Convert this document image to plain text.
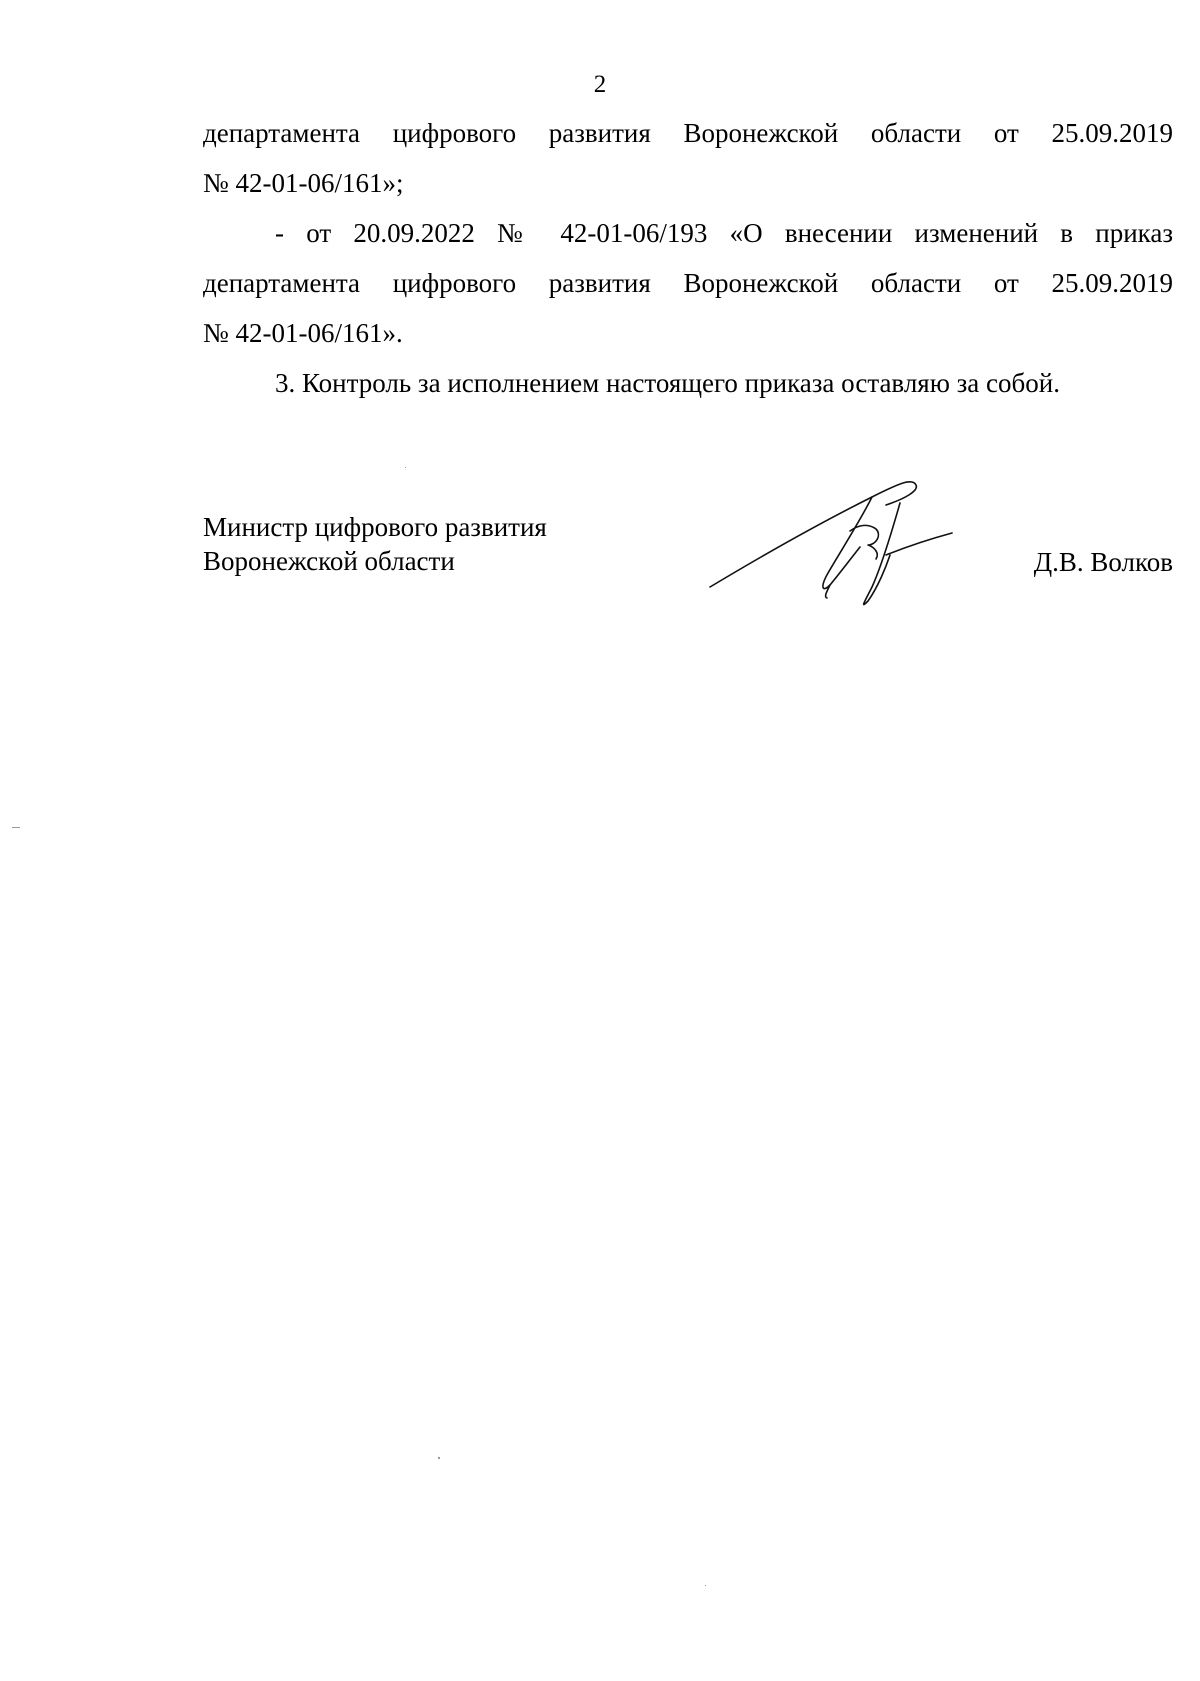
2
департамента цифрового развития Воронежской области от 25.09.2019
№ 42-01-06/161»;
- от 20.09.2022 № 42-01-06/193 «О внесении изменений в приказ
департамента цифрового развития Воронежской области от 25.09.2019
№ 42-01-06/161».
3. Контроль за исполнением настоящего приказа оставляю за собой.
Министр цифрового развития
Воронежской области	Д.В. Волков
